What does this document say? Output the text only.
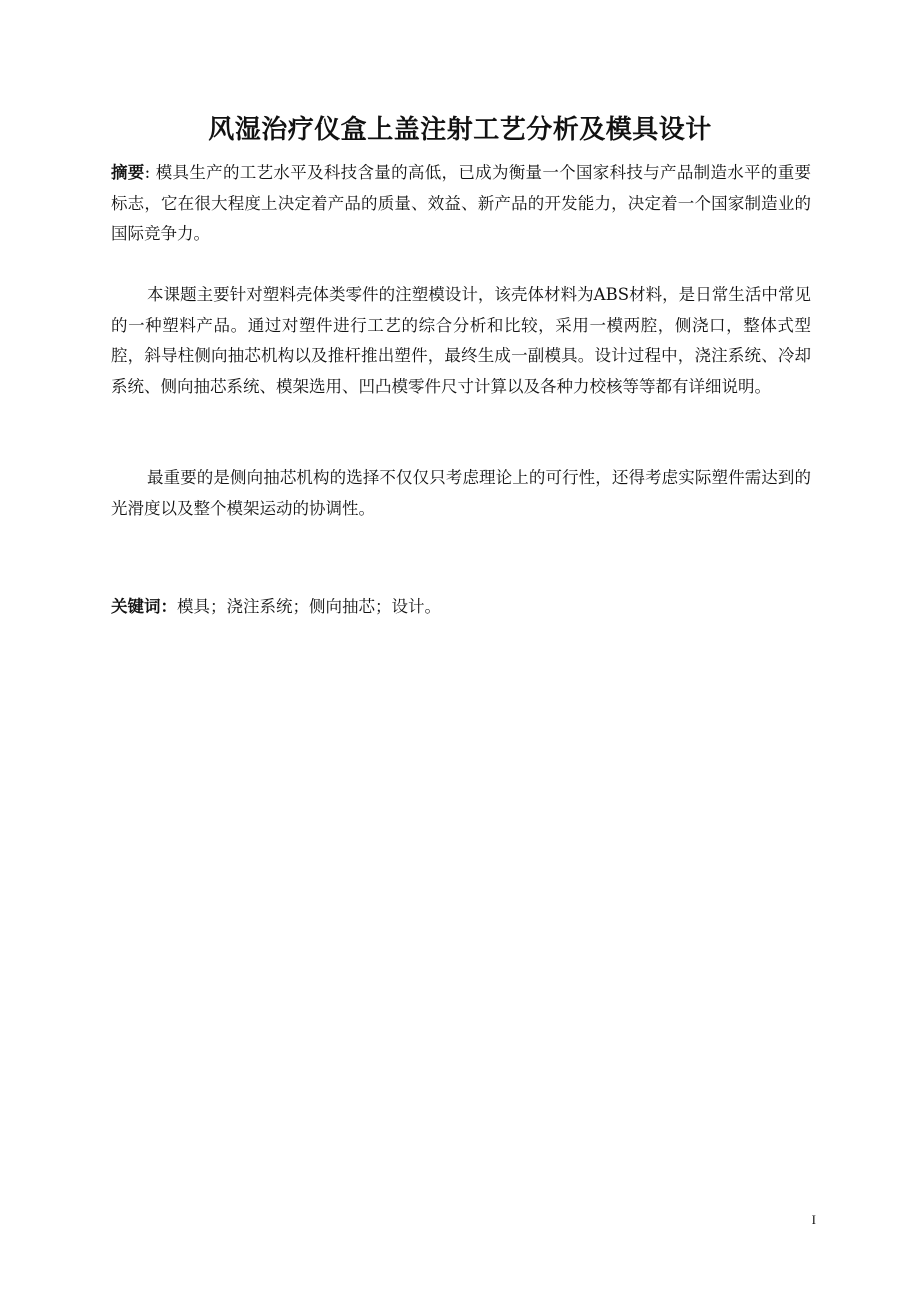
风湿治疗仪盒上盖注射工艺分析及模具设计

摘要: 模具生产的工艺水平及科技含量的高低，已成为衡量一个国家科技与产品制造水平的重要标志，它在很大程度上决定着产品的质量、效益、新产品的开发能力，决定着一个国家制造业的国际竞争力。

本课题主要针对塑料壳体类零件的注塑模设计，该壳体材料为ABS材料，是日常生活中常见的一种塑料产品。通过对塑件进行工艺的综合分析和比较，采用一模两腔，侧浇口，整体式型腔，斜导柱侧向抽芯机构以及推杆推出塑件，最终生成一副模具。设计过程中，浇注系统、冷却系统、侧向抽芯系统、模架选用、凹凸模零件尺寸计算以及各种力校核等等都有详细说明。

最重要的是侧向抽芯机构的选择不仅仅只考虑理论上的可行性，还得考虑实际塑件需达到的光滑度以及整个模架运动的协调性。

关键词：模具；浇注系统；侧向抽芯；设计。

I
